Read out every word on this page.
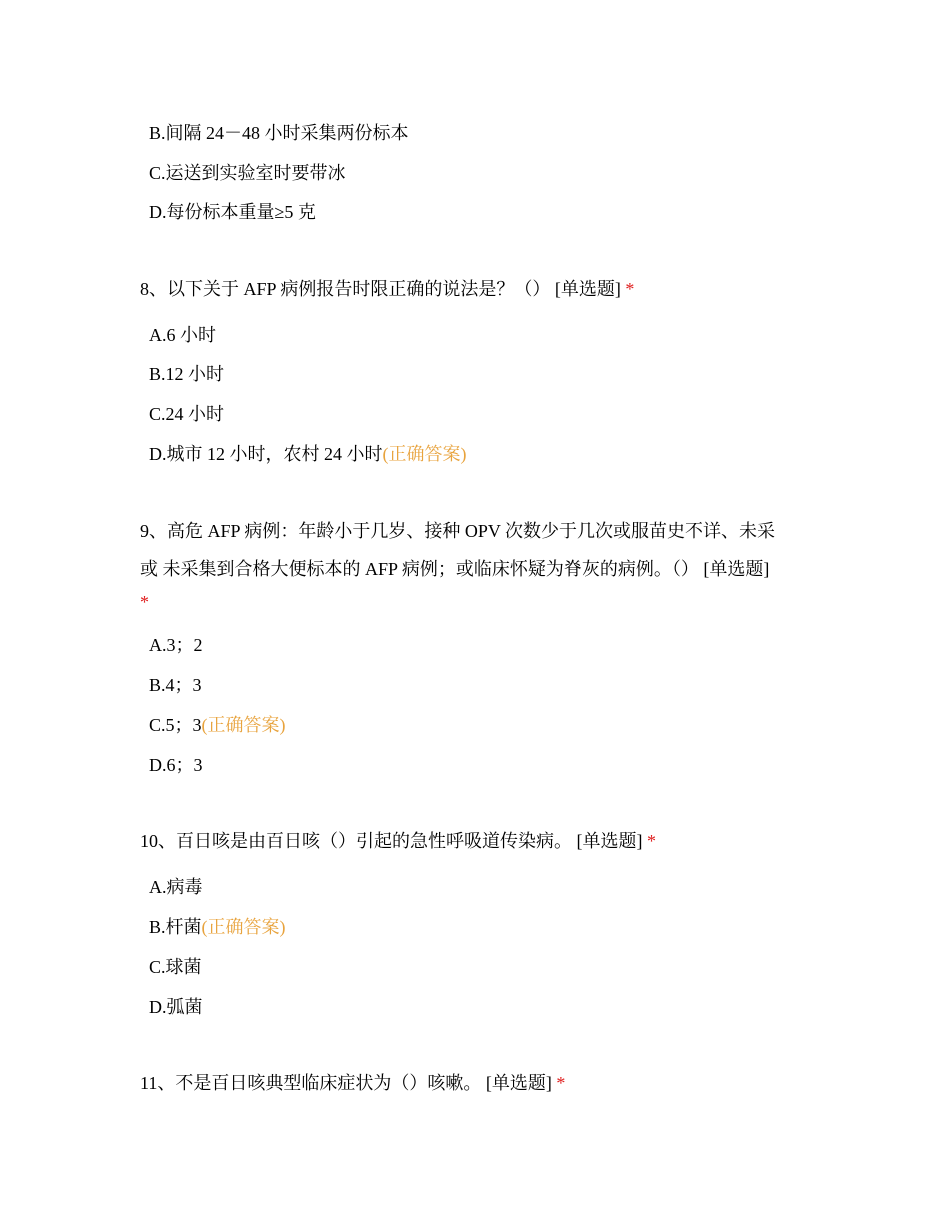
B.间隔 24－48 小时采集两份标本
C.运送到实验室时要带冰
D.每份标本重量≥5 克
8、以下关于 AFP 病例报告时限正确的说法是？（） [单选题] *
A.6 小时
B.12 小时
C.24 小时
D.城市 12 小时，农村 24 小时(正确答案)
9、高危 AFP 病例：年龄小于几岁、接种 OPV 次数少于几次或服苗史不详、未采
或 未采集到合格大便标本的 AFP 病例；或临床怀疑为脊灰的病例。（） [单选题]
*
A.3；2
B.4；3
C.5；3(正确答案)
D.6；3
10、百日咳是由百日咳（）引起的急性呼吸道传染病。 [单选题] *
A.病毒
B.杆菌(正确答案)
C.球菌
D.弧菌
11、不是百日咳典型临床症状为（）咳嗽。 [单选题] *
